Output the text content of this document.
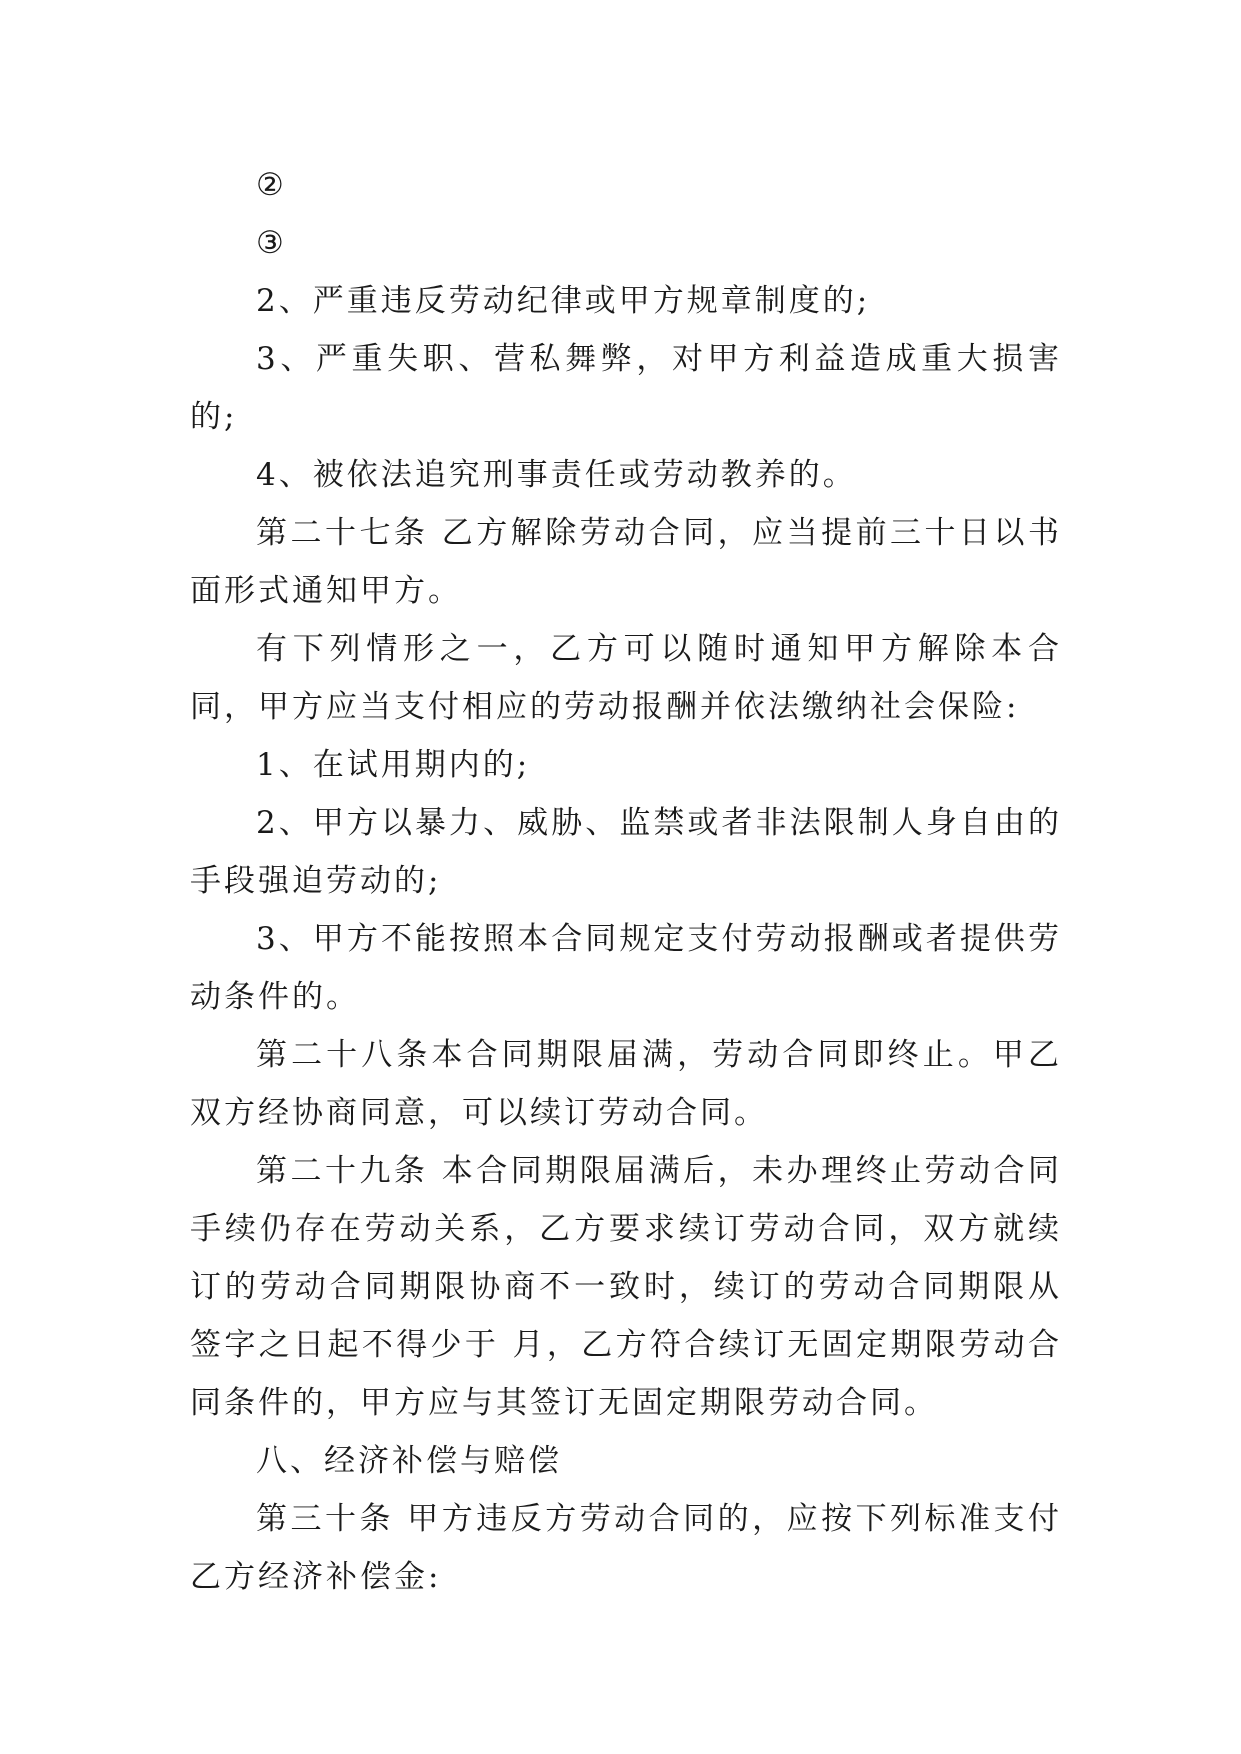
②

③

2、严重违反劳动纪律或甲方规章制度的;

3、严重失职、营私舞弊，对甲方利益造成重大损害的;

4、被依法追究刑事责任或劳动教养的。

第二十七条 乙方解除劳动合同，应当提前三十日以书面形式通知甲方。

有下列情形之一，乙方可以随时通知甲方解除本合同，甲方应当支付相应的劳动报酬并依法缴纳社会保险:

1、在试用期内的;

2、甲方以暴力、威胁、监禁或者非法限制人身自由的手段强迫劳动的;

3、甲方不能按照本合同规定支付劳动报酬或者提供劳动条件的。

第二十八条本合同期限届满，劳动合同即终止。甲乙双方经协商同意，可以续订劳动合同。

第二十九条 本合同期限届满后，未办理终止劳动合同手续仍存在劳动关系，乙方要求续订劳动合同，双方就续订的劳动合同期限协商不一致时，续订的劳动合同期限从签字之日起不得少于 月，乙方符合续订无固定期限劳动合同条件的，甲方应与其签订无固定期限劳动合同。

八、经济补偿与赔偿

第三十条 甲方违反方劳动合同的，应按下列标准支付乙方经济补偿金:
